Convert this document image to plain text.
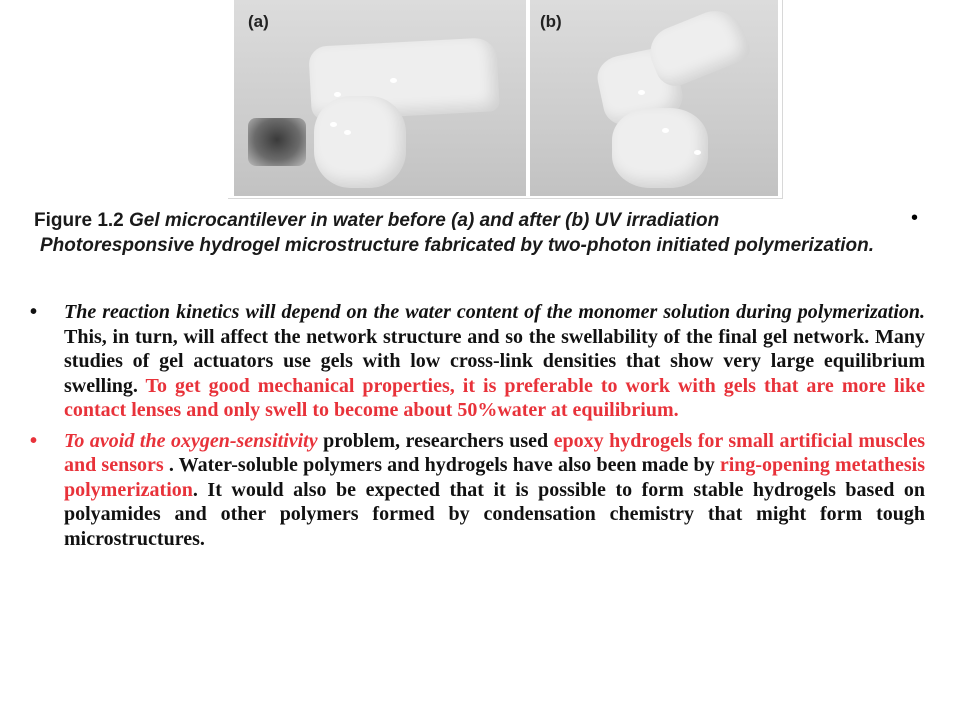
(a)	(b)
Figure 1.2 Gel microcantilever in water before (a) and after (b) UV irradiation
Photoresponsive hydrogel microstructure fabricated by two-photon initiated polymerization.
•
• The reaction kinetics will depend on the water content of the monomer solution during polymerization. This, in turn, will affect the network structure and so the swellability of the final gel network. Many studies of gel actuators use gels with low cross-link densities that show very large equilibrium swelling. To get good mechanical properties, it is preferable to work with gels that are more like contact lenses and only swell to become about 50%water at equilibrium.
• To avoid the oxygen-sensitivity problem, researchers used epoxy hydrogels for small artificial muscles and sensors . Water-soluble polymers and hydrogels have also been made by ring-opening metathesis polymerization. It would also be expected that it is possible to form stable hydrogels based on polyamides and other polymers formed by condensation chemistry that might form tough microstructures.
